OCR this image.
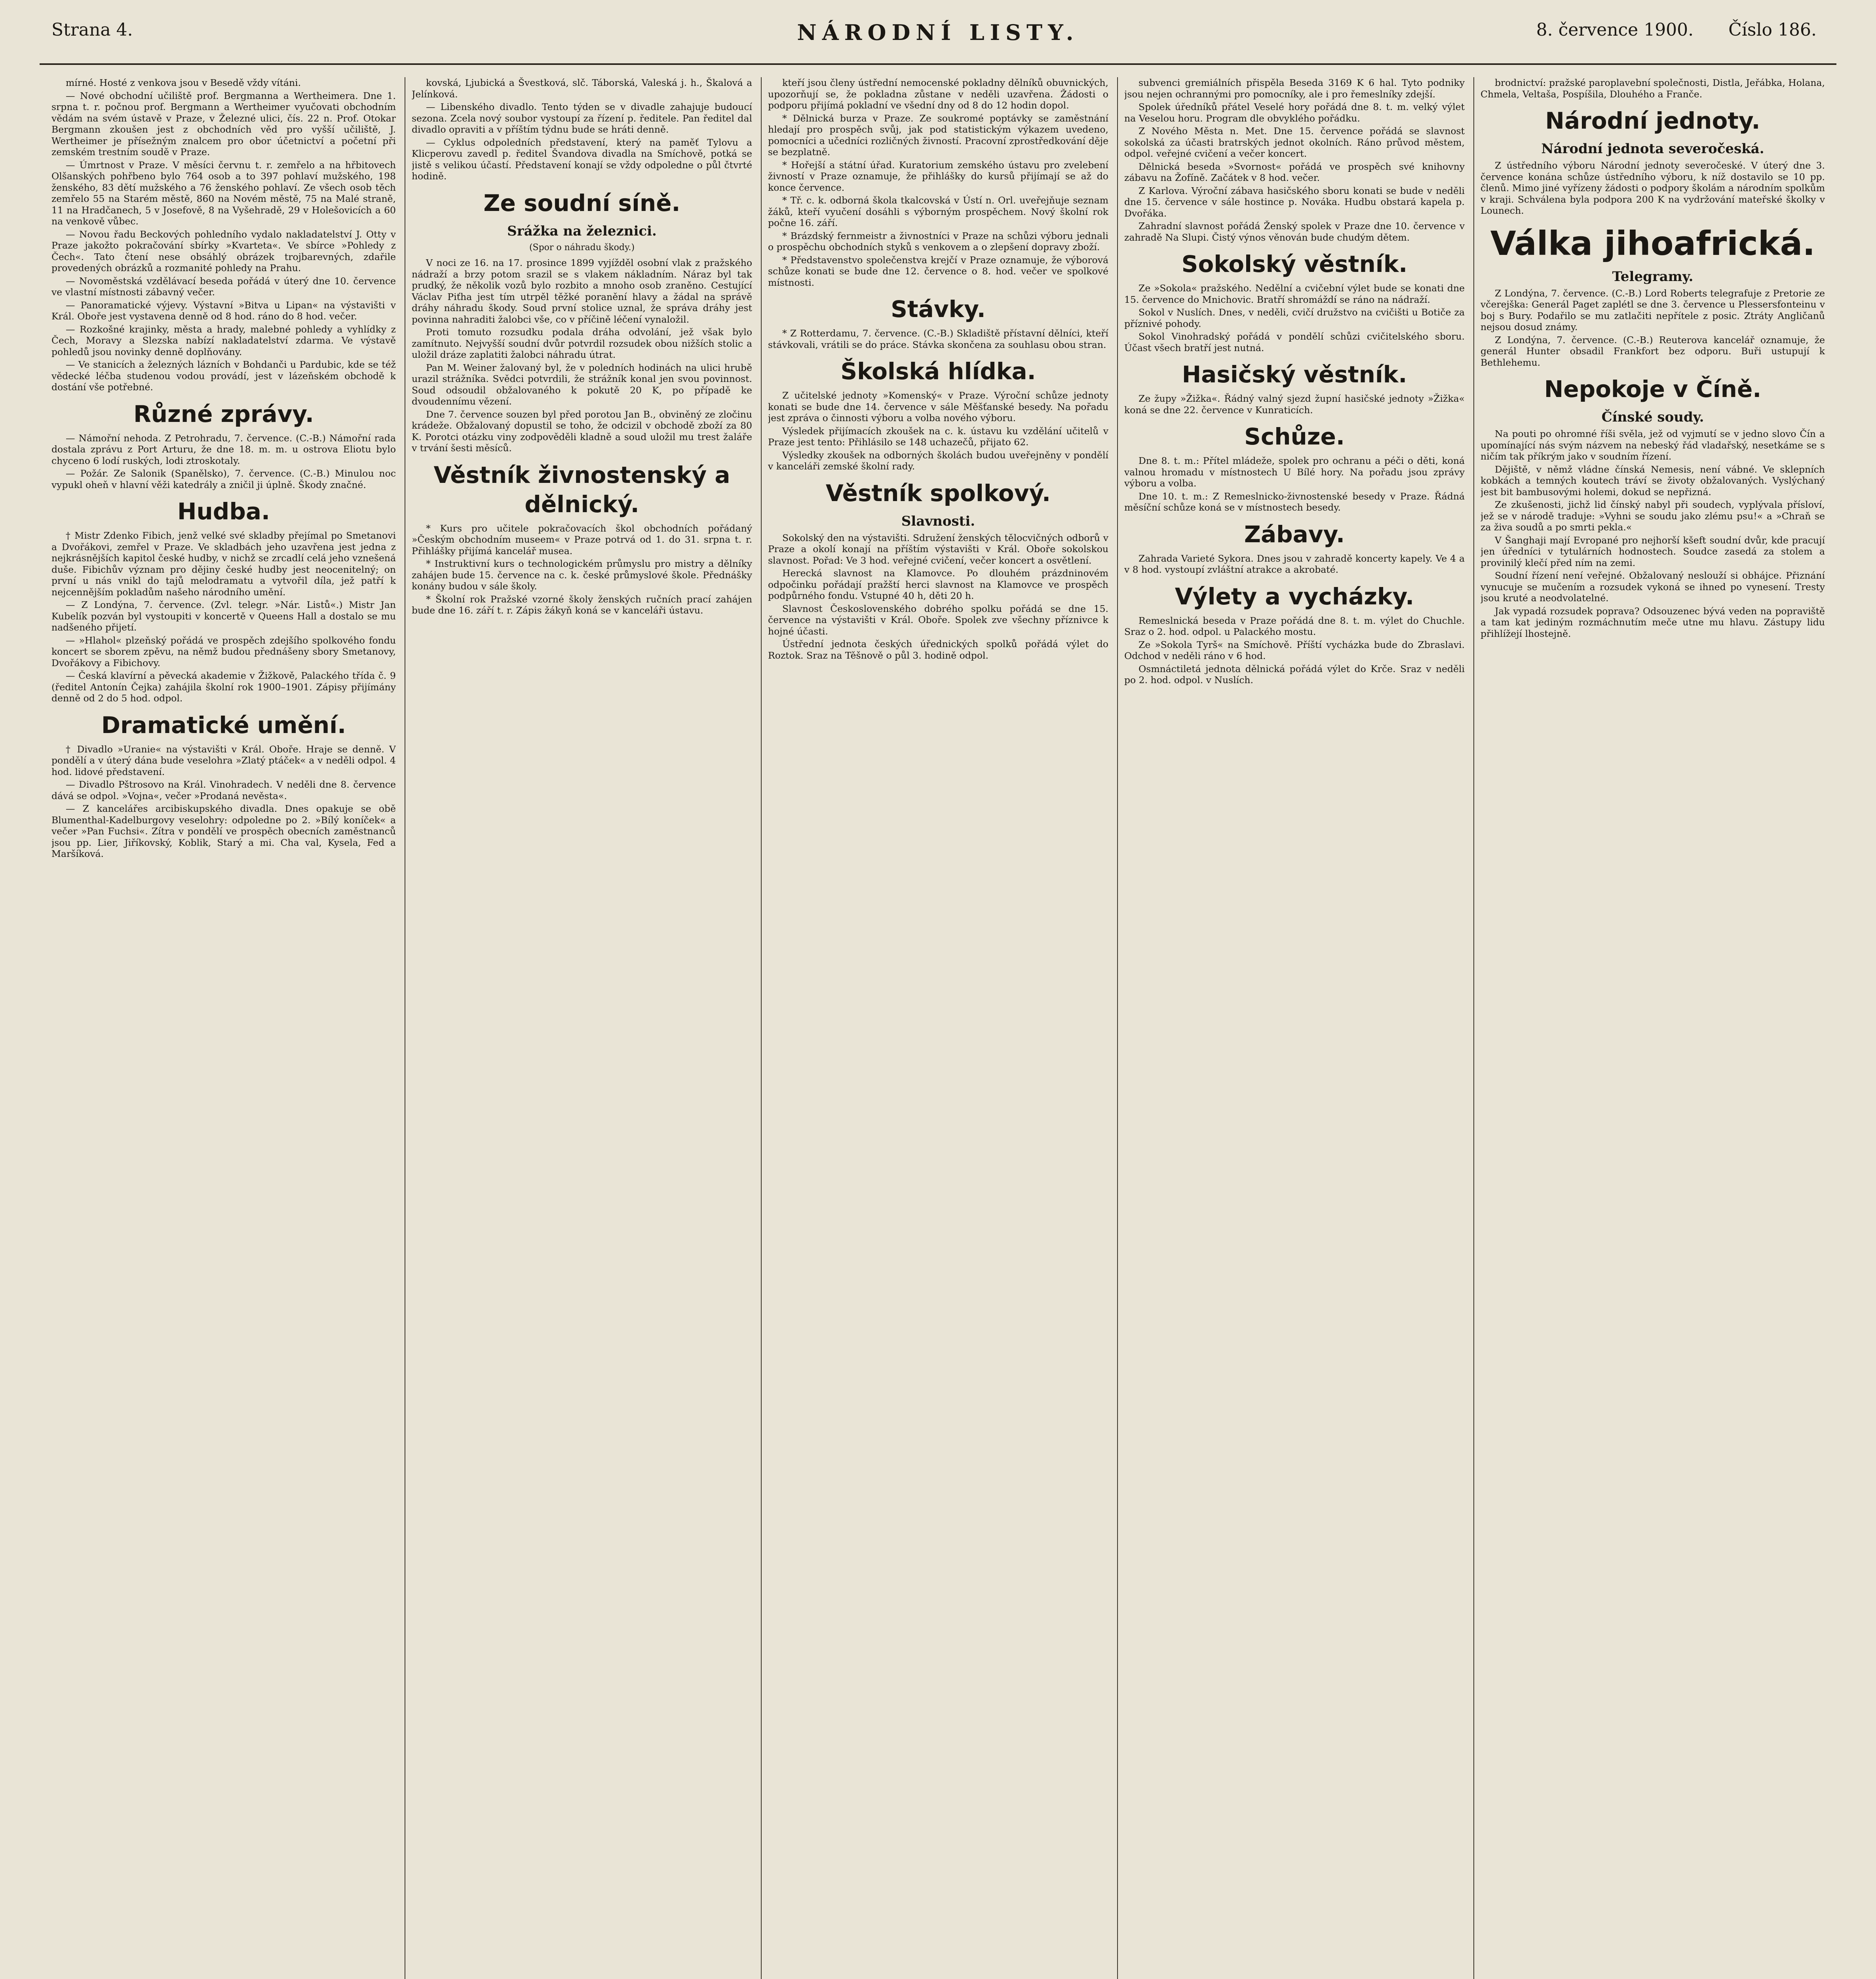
Strana 4.	NÁRODNÍ LISTY.	8. července 1900. Číslo 186.

mírné. Hosté z venkova jsou v Besedě vždy vítáni.

— Nové obchodní učiliště prof. Bergmanna a Wertheimera. Dne 1. srpna t. r. počnou prof. Bergmann a Wertheimer vyučovati obchodním vědám na svém ústavě v Praze, v Železné ulici, čís. 22 n. Prof. Otokar Bergmann zkoušen jest z obchodních věd pro vyšší učiliště, J. Wertheimer je přísežným znalcem pro obor účetnictví a početní při zemském trestním soudě v Praze.

— Úmrtnost v Praze. V měsíci červnu t. r. zemřelo a na hřbitovech Olšanských pohřbeno bylo 764 osob a to 397 pohlaví mužského, 198 ženského, 83 dětí mužského a 76 ženského pohlaví. Ze všech osob těch zemřelo 55 na Starém městě, 860 na Novém městě, 75 na Malé straně, 11 na Hradčanech, 5 v Josefově, 8 na Vyšehradě, 29 v Holešovicích a 60 na venkově vůbec.

— Novou řadu Beckových pohledního vydalo nakladatelství J. Otty v Praze jakožto pokračování sbírky »Kvarteta«. Ve sbírce »Pohledy z Čech«. Tato čtení nese obsáhlý obrázek trojbarevných, zdařile provedených obrázků a rozmanité pohledy na Prahu.

— Novoměstská vzdělávací beseda pořádá v úterý dne 10. července ve vlastní místnosti zábavný večer.

— Panoramatické výjevy. Výstavní »Bitva u Lipan« na výstavišti v Král. Oboře jest vystavena denně od 8 hod. ráno do 8 hod. večer.

— Rozkošné krajinky, města a hrady, malebné pohledy a vyhlídky z Čech, Moravy a Slezska nabízí nakladatelství zdarma. Ve výstavě pohledů jsou novinky denně doplňovány.

— Ve stanicích a železných lázních v Bohdanči u Pardubic, kde se též vědecké léčba studenou vodou provádí, jest v lázeňském obchodě k dostání vše potřebné.

Různé zprávy.

— Námořní nehoda. Z Petrohradu, 7. července. (C.-B.) Námořní rada dostala zprávu z Port Arturu, že dne 18. m. m. u ostrova Eliotu bylo chyceno 6 lodí ruských, lodi ztroskotaly.

— Požár. Ze Salonik (Spanělsko), 7. července. (C.-B.) Minulou noc vypukl oheň v hlavní věži katedrály a zničil ji úplně. Škody značné.

Hudba.

† Mistr Zdenko Fibich, jenž velké své skladby přejímal po Smetanovi a Dvořákovi, zemřel v Praze. Ve skladbách jeho uzavřena jest jedna z nejkrásnějších kapitol české hudby, v nichž se zrcadlí celá jeho vznešená duše. Fibichův význam pro dějiny české hudby jest neocenitelný; on první u nás vnikl do tajů melodramatu a vytvořil díla, jež patří k nejcennějším pokladům našeho národního umění.

— Z Londýna, 7. července. (Zvl. telegr. »Nár. Listů«.) Mistr Jan Kubelík pozván byl vystoupiti v koncertě v Queens Hall a dostalo se mu nadšeného přijetí.

— »Hlahol« plzeňský pořádá ve prospěch zdejšího spolkového fondu koncert se sborem zpěvu, na němž budou přednášeny sbory Smetanovy, Dvořákovy a Fibichovy.

— Česká klavírní a pěvecká akademie v Žižkově, Palackého třída č. 9 (ředitel Antonín Čejka) zahájila školní rok 1900–1901. Zápisy přijímány denně od 2 do 5 hod. odpol.

Dramatické umění.

† Divadlo »Uranie« na výstavišti v Král. Oboře. Hraje se denně. V pondělí a v úterý dána bude veselohra »Zlatý ptáček« a v neděli odpol. 4 hod. lidové představení.

— Divadlo Pštrosovo na Král. Vinohradech. V neděli dne 8. července dává se odpol. »Vojna«, večer »Prodaná nevěsta«.

— Z kancelářes arcibiskupského divadla. Dnes opakuje se obě Blumenthal-Kadelburgovy veselohry: odpoledne po 2. »Bílý koníček« a večer »Pan Fuchsi«. Zítra v pondělí ve prospěch obecních zaměstnanců jsou pp. Lier, Jiříkovský, Koblik, Starý a mi. Cha val, Kysela, Fed a Maršíková.

kovská, Ljubická a Švestková, slč. Táborská, Valeská j. h., Škalová a Jelínková.

— Libenského divadlo. Tento týden se v divadle zahajuje budoucí sezona. Zcela nový soubor vystoupí za řízení p. ředitele. Pan ředitel dal divadlo opraviti a v příštím týdnu bude se hráti denně.

— Cyklus odpoledních představení, který na paměť Tylovu a Klicperovu zavedl p. ředitel Švandova divadla na Smíchově, potká se jistě s velikou účastí. Představení konají se vždy odpoledne o půl čtvrté hodině.

Ze soudní síně.
Srážka na železnici.
(Spor o náhradu škody.)

V noci ze 16. na 17. prosince 1899 vyjížděl osobní vlak z pražského nádraží a brzy potom srazil se s vlakem nákladním. Náraz byl tak prudký, že několik vozů bylo rozbito a mnoho osob zraněno. Cestující Václav Piťha jest tím utrpěl těžké poranění hlavy a žádal na správě dráhy náhradu škody. Soud první stolice uznal, že správa dráhy jest povinna nahraditi žalobci vše, co v příčině léčení vynaložil.

Proti tomuto rozsudku podala dráha odvolání, jež však bylo zamítnuto. Nejvyšší soudní dvůr potvrdil rozsudek obou nižších stolic a uložil dráze zaplatiti žalobci náhradu útrat.

Pan M. Weiner žalovaný byl, že v poledních hodinách na ulici hrubě urazil strážníka. Svědci potvrdili, že strážník konal jen svou povinnost. Soud odsoudil obžalovaného k pokutě 20 K, po případě ke dvoudennímu vězení.

Dne 7. července souzen byl před porotou Jan B., obviněný ze zločinu krádeže. Obžalovaný dopustil se toho, že odcizil v obchodě zboží za 80 K. Porotci otázku viny zodpověděli kladně a soud uložil mu trest žaláře v trvání šesti měsíců.

Věstník živnostenský a dělnický.

* Kurs pro učitele pokračovacích škol obchodních pořádaný »Českým obchodním museem« v Praze potrvá od 1. do 31. srpna t. r. Přihlášky přijímá kancelář musea.

* Instruktivní kurs o technologickém průmyslu pro mistry a dělníky zahájen bude 15. července na c. k. české průmyslové škole. Přednášky konány budou v sále školy.

* Školní rok Pražské vzorné školy ženských ručních prací zahájen bude dne 16. září t. r. Zápis žákyň koná se v kanceláři ústavu.

kteří jsou členy ústřední nemocenské pokladny dělníků obuvnických, upozorňují se, že pokladna zůstane v neděli uzavřena. Žádosti o podporu přijímá pokladní ve všední dny od 8 do 12 hodin dopol.

* Dělnická burza v Praze. Ze soukromé poptávky se zaměstnání hledají pro prospěch svůj, jak pod statistickým výkazem uvedeno, pomocníci a učedníci rozličných živností. Pracovní zprostředkování děje se bezplatně.

* Hořejší a státní úřad. Kuratorium zemského ústavu pro zvelebení živností v Praze oznamuje, že přihlášky do kursů přijímají se až do konce července.

* Tř. c. k. odborná škola tkalcovská v Ústí n. Orl. uveřejňuje seznam žáků, kteří vyučení dosáhli s výborným prospěchem. Nový školní rok počne 16. září.

* Brázdský fernmeistr a živnostníci v Praze na schůzi výboru jednali o prospěchu obchodních styků s venkovem a o zlepšení dopravy zboží.

* Představenstvo společenstva krejčí v Praze oznamuje, že výborová schůze konati se bude dne 12. července o 8. hod. večer ve spolkové místnosti.

Stávky.

* Z Rotterdamu, 7. července. (C.-B.) Skladiště přístavní dělníci, kteří stávkovali, vrátili se do práce. Stávka skončena za souhlasu obou stran.

Školská hlídka.

Z učitelské jednoty »Komenský« v Praze. Výroční schůze jednoty konati se bude dne 14. července v sále Měšťanské besedy. Na pořadu jest zpráva o činnosti výboru a volba nového výboru.

Výsledek přijímacích zkoušek na c. k. ústavu ku vzdělání učitelů v Praze jest tento: Přihlásilo se 148 uchazečů, přijato 62.

Výsledky zkoušek na odborných školách budou uveřejněny v pondělí v kanceláři zemské školní rady.

Věstník spolkový.
Slavnosti.

Sokolský den na výstavišti. Sdružení ženských tělocvičných odborů v Praze a okolí konají na příštím výstavišti v Král. Oboře sokolskou slavnost. Pořad: Ve 3 hod. veřejné cvičení, večer koncert a osvětlení.

Herecká slavnost na Klamovce. Po dlouhém prázdninovém odpočinku pořádají pražští herci slavnost na Klamovce ve prospěch podpůrného fondu. Vstupné 40 h, děti 20 h.

Slavnost Československého dobrého spolku pořádá se dne 15. července na výstavišti v Král. Oboře. Spolek zve všechny příznivce k hojné účasti.

Ústřední jednota českých úřednických spolků pořádá výlet do Roztok. Sraz na Těšnově o půl 3. hodině odpol.

subvenci gremiálních přispěla Beseda 3169 K 6 hal. Tyto podniky jsou nejen ochrannými pro pomocníky, ale i pro řemeslníky zdejší.

Spolek úředníků přátel Veselé hory pořádá dne 8. t. m. velký výlet na Veselou horu. Program dle obvyklého pořádku.

Z Nového Města n. Met. Dne 15. července pořádá se slavnost sokolská za účasti bratrských jednot okolních. Ráno průvod městem, odpol. veřejné cvičení a večer koncert.

Dělnická beseda »Svornost« pořádá ve prospěch své knihovny zábavu na Žofíně. Začátek v 8 hod. večer.

Z Karlova. Výroční zábava hasičského sboru konati se bude v neděli dne 15. července v sále hostince p. Nováka. Hudbu obstará kapela p. Dvořáka.

Zahradní slavnost pořádá Ženský spolek v Praze dne 10. července v zahradě Na Slupi. Čistý výnos věnován bude chudým dětem.

Sokolský věstník.

Ze »Sokola« pražského. Nedělní a cvičební výlet bude se konati dne 15. července do Mnichovic. Bratří shromáždí se ráno na nádraží.

Sokol v Nuslích. Dnes, v neděli, cvičí družstvo na cvičišti u Botiče za příznivé pohody.

Sokol Vinohradský pořádá v pondělí schůzi cvičitelského sboru. Účast všech bratří jest nutná.

Hasičský věstník.

Ze župy »Žižka«. Řádný valný sjezd župní hasičské jednoty »Žižka« koná se dne 22. července v Kunraticích.

Schůze.

Dne 8. t. m.: Přítel mládeže, spolek pro ochranu a péči o děti, koná valnou hromadu v místnostech U Bílé hory. Na pořadu jsou zprávy výboru a volba.

Dne 10. t. m.: Z Remeslnicko-živnostenské besedy v Praze. Řádná měsíční schůze koná se v místnostech besedy.

Zábavy.

Zahrada Varieté Sykora. Dnes jsou v zahradě koncerty kapely. Ve 4 a v 8 hod. vystoupí zvláštní atrakce a akrobaté.

Výlety a vycházky.

Remeslnická beseda v Praze pořádá dne 8. t. m. výlet do Chuchle. Sraz o 2. hod. odpol. u Palackého mostu.

Ze »Sokola Tyrš« na Smíchově. Příští vycházka bude do Zbraslavi. Odchod v neděli ráno v 6 hod.

Osmnáctiletá jednota dělnická pořádá výlet do Krče. Sraz v neděli po 2. hod. odpol. v Nuslích.

brodnictví: pražské paroplavební společnosti, Distla, Jeřábka, Holana, Chmela, Veltaša, Pospíšila, Dlouhého a Franče.

Národní jednoty.
Národní jednota severočeská.

Z ústředního výboru Národní jednoty severočeské. V úterý dne 3. července konána schůze ústředního výboru, k níž dostavilo se 10 pp. členů. Mimo jiné vyřízeny žádosti o podpory školám a národním spolkům v kraji. Schválena byla podpora 200 K na vydržování mateřské školky v Lounech.

Válka jihoafrická.
Telegramy.

Z Londýna, 7. července. (C.-B.) Lord Roberts telegrafuje z Pretorie ze včerejška: Generál Paget zaplétl se dne 3. července u Plessersfonteinu v boj s Bury. Podařilo se mu zatlačiti nepřítele z posic. Ztráty Angličanů nejsou dosud známy.

Z Londýna, 7. července. (C.-B.) Reuterova kancelář oznamuje, že generál Hunter obsadil Frankfort bez odporu. Buři ustupují k Bethlehemu.

Nepokoje v Číně.
Čínské soudy.

Na pouti po ohromné říši svěla, jež od vyjmutí se v jedno slovo Čín a upomínající nás svým názvem na nebeský řád vladařský, nesetkáme se s ničím tak příkrým jako v soudním řízení.

Dějiště, v němž vládne čínská Nemesis, není vábné. Ve sklepních kobkách a temných koutech tráví se životy obžalovaných. Vyslýchaný jest bit bambusovými holemi, dokud se nepřizná.

Ze zkušenosti, jichž lid čínský nabyl při soudech, vyplývala přísloví, jež se v národě traduje: »Vyhni se soudu jako zlému psu!« a »Chraň se za živa soudů a po smrti pekla.«

V Šanghaji mají Evropané pro nejhorší kšeft soudní dvůr, kde pracují jen úředníci v tytulárních hodnostech. Soudce zasedá za stolem a provinilý klečí před ním na zemi.

Soudní řízení není veřejné. Obžalovaný neslouží si obhájce. Přiznání vynucuje se mučením a rozsudek vykoná se ihned po vynesení. Tresty jsou kruté a neodvolatelné.

Jak vypadá rozsudek poprava? Odsouzenec bývá veden na popraviště a tam kat jediným rozmáchnutím meče utne mu hlavu. Zástupy lidu přihlížejí lhostejně.
